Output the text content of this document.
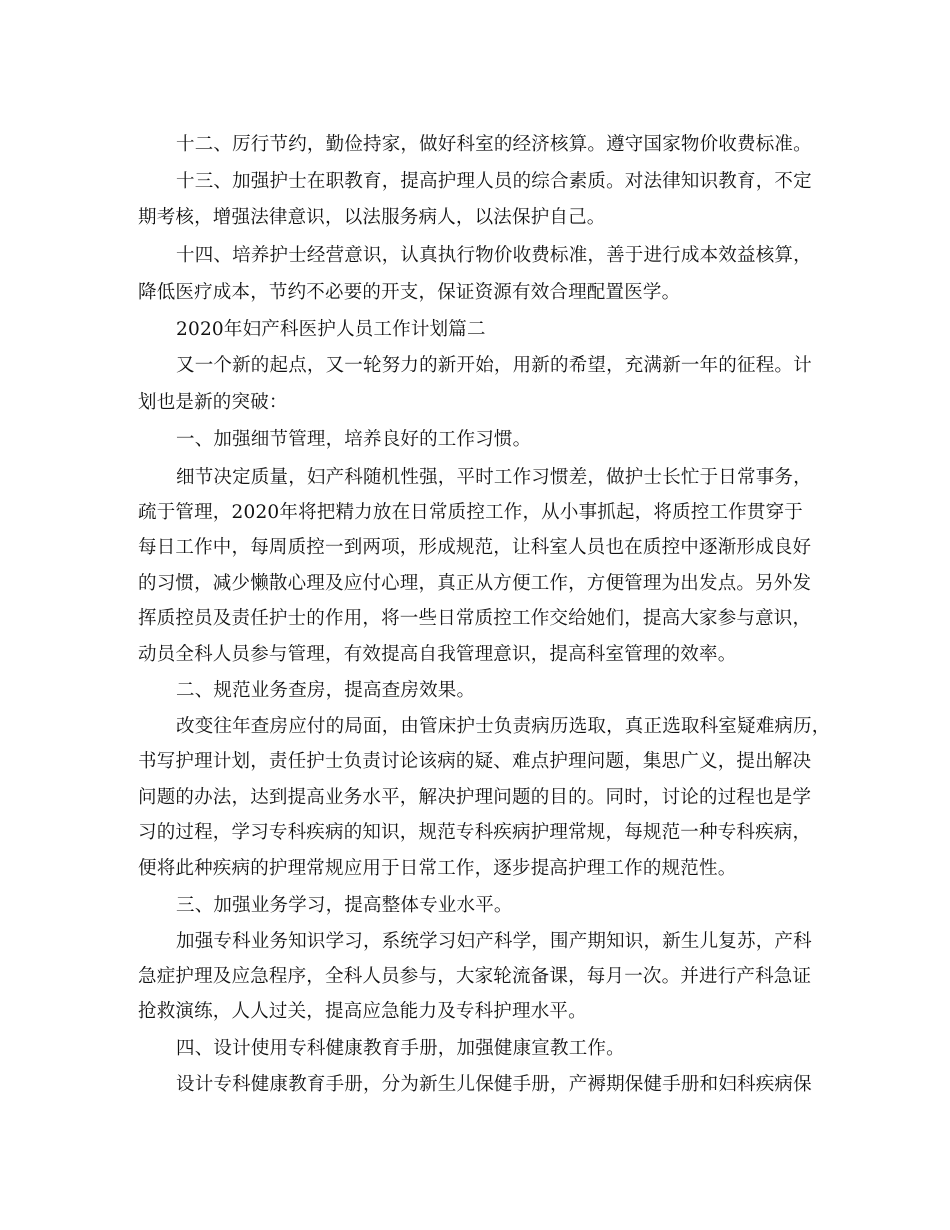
十二、厉行节约，勤俭持家，做好科室的经济核算。遵守国家物价收费标准。
十三、加强护士在职教育，提高护理人员的综合素质。对法律知识教育，不定
期考核，增强法律意识，以法服务病人，以法保护自己。
十四、培养护士经营意识，认真执行物价收费标准，善于进行成本效益核算，
降低医疗成本，节约不必要的开支，保证资源有效合理配置医学。
2020年妇产科医护人员工作计划篇二
又一个新的起点，又一轮努力的新开始，用新的希望，充满新一年的征程。计
划也是新的突破：
一、加强细节管理，培养良好的工作习惯。
细节决定质量，妇产科随机性强，平时工作习惯差，做护士长忙于日常事务，
疏于管理，2020年将把精力放在日常质控工作，从小事抓起，将质控工作贯穿于
每日工作中，每周质控一到两项，形成规范，让科室人员也在质控中逐渐形成良好
的习惯，减少懒散心理及应付心理，真正从方便工作，方便管理为出发点。另外发
挥质控员及责任护士的作用，将一些日常质控工作交给她们，提高大家参与意识，
动员全科人员参与管理，有效提高自我管理意识，提高科室管理的效率。
二、规范业务查房，提高查房效果。
改变往年查房应付的局面，由管床护士负责病历选取，真正选取科室疑难病历，
书写护理计划，责任护士负责讨论该病的疑、难点护理问题，集思广义，提出解决
问题的办法，达到提高业务水平，解决护理问题的目的。同时，讨论的过程也是学
习的过程，学习专科疾病的知识，规范专科疾病护理常规，每规范一种专科疾病，
便将此种疾病的护理常规应用于日常工作，逐步提高护理工作的规范性。
三、加强业务学习，提高整体专业水平。
加强专科业务知识学习，系统学习妇产科学，围产期知识，新生儿复苏，产科
急症护理及应急程序，全科人员参与，大家轮流备课，每月一次。并进行产科急证
抢救演练，人人过关，提高应急能力及专科护理水平。
四、设计使用专科健康教育手册，加强健康宣教工作。
设计专科健康教育手册，分为新生儿保健手册，产褥期保健手册和妇科疾病保
